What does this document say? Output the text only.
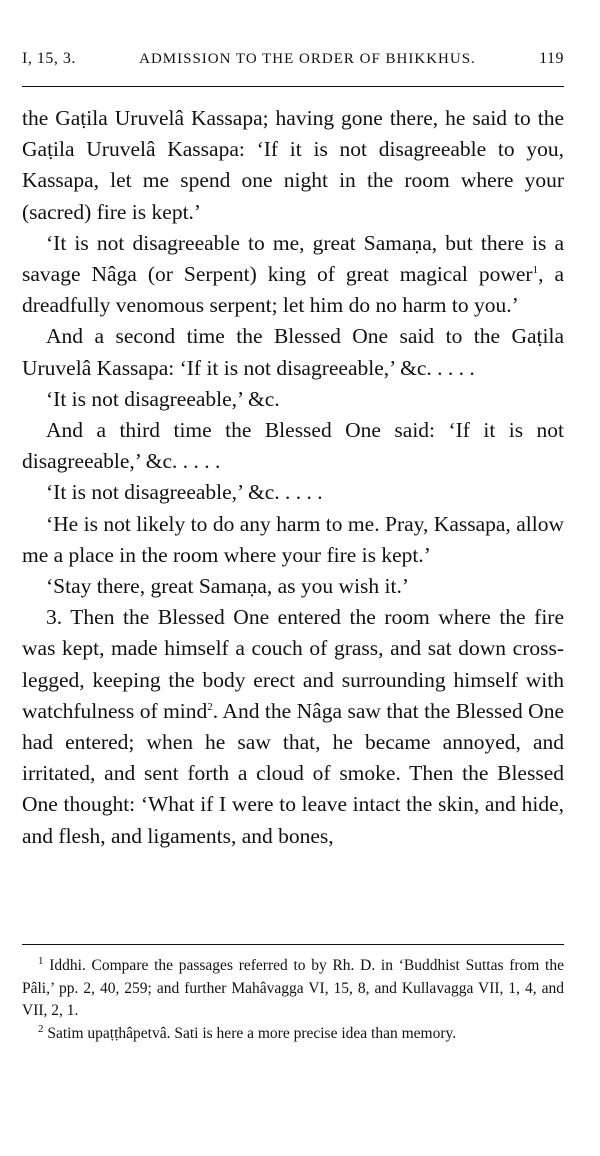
I, 15, 3.	ADMISSION TO THE ORDER OF BHIKKHUS.	119

the Gaṭila Uruvelâ Kassapa; having gone there, he said to the Gaṭila Uruvelâ Kassapa: ‘If it is not disagreeable to you, Kassapa, let me spend one night in the room where your (sacred) fire is kept.’

‘It is not disagreeable to me, great Samaṇa, but there is a savage Nâga (or Serpent) king of great magical power$^1$, a dreadfully venomous serpent; let him do no harm to you.’

And a second time the Blessed One said to the Gaṭila Uruvelâ Kassapa: ‘If it is not disagreeable,’ &c. . . . .

‘It is not disagreeable,’ &c.

And a third time the Blessed One said: ‘If it is not disagreeable,’ &c. . . . .

‘It is not disagreeable,’ &c. . . . .

‘He is not likely to do any harm to me. Pray, Kassapa, allow me a place in the room where your fire is kept.’

‘Stay there, great Samaṇa, as you wish it.’

3. Then the Blessed One entered the room where the fire was kept, made himself a couch of grass, and sat down cross-legged, keeping the body erect and surrounding himself with watchfulness of mind$^2$. And the Nâga saw that the Blessed One had entered; when he saw that, he became annoyed, and irritated, and sent forth a cloud of smoke. Then the Blessed One thought: ‘What if I were to leave intact the skin, and hide, and flesh, and ligaments, and bones,

$^1$ Iddhi. Compare the passages referred to by Rh. D. in ‘Buddhist Suttas from the Pâli,’ pp. 2, 40, 259; and further Mahâvagga VI, 15, 8, and Kullavagga VII, 1, 4, and VII, 2, 1.

$^2$ Satim upaṭṭhâpetvâ. Sati is here a more precise idea than memory.
